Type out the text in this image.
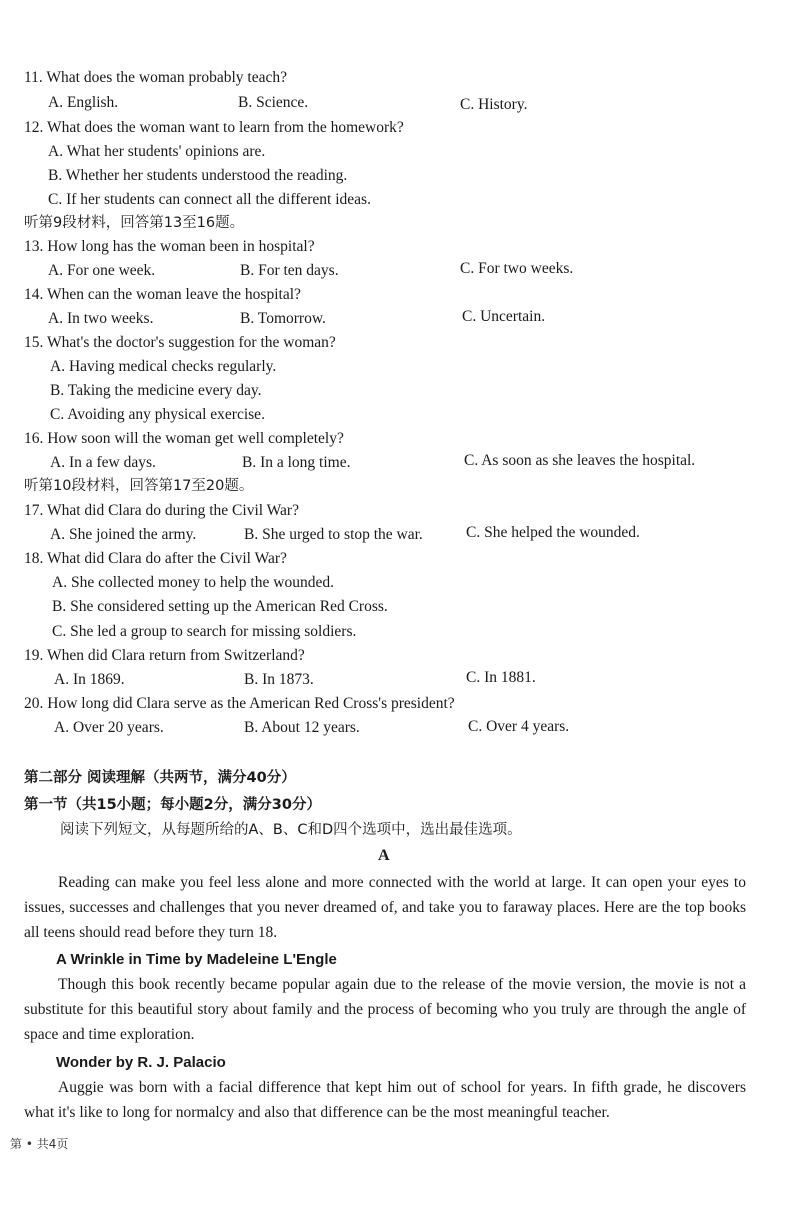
11. What does the woman probably teach?
A. English.	B. Science.	C. History.
12. What does the woman want to learn from the homework?
A. What her students' opinions are.
B. Whether her students understood the reading.
C. If her students can connect all the different ideas.
听第9段材料，回答第13至16题。
13. How long has the woman been in hospital?
A. For one week.	B. For ten days.	C. For two weeks.
14. When can the woman leave the hospital?
A. In two weeks.	B. Tomorrow.	C. Uncertain.
15. What's the doctor's suggestion for the woman?
A. Having medical checks regularly.
B. Taking the medicine every day.
C. Avoiding any physical exercise.
16. How soon will the woman get well completely?
A. In a few days.	B. In a long time.	C. As soon as she leaves the hospital.
听第10段材料，回答第17至20题。
17. What did Clara do during the Civil War?
A. She joined the army.	B. She urged to stop the war.	C. She helped the wounded.
18. What did Clara do after the Civil War?
A. She collected money to help the wounded.
B. She considered setting up the American Red Cross.
C. She led a group to search for missing soldiers.
19. When did Clara return from Switzerland?
A. In 1869.	B. In 1873.	C. In 1881.
20. How long did Clara serve as the American Red Cross's president?
A. Over 20 years.	B. About 12 years.	C. Over 4 years.
第二部分 阅读理解（共两节，满分40分）
第一节（共15小题；每小题2分，满分30分）
阅读下列短文，从每题所给的A、B、C和D四个选项中，选出最佳选项。
A
Reading can make you feel less alone and more connected with the world at large. It can open your eyes to issues, successes and challenges that you never dreamed of, and take you to faraway places. Here are the top books all teens should read before they turn 18.
A Wrinkle in Time by Madeleine L'Engle
Though this book recently became popular again due to the release of the movie version, the movie is not a substitute for this beautiful story about family and the process of becoming who you truly are through the angle of space and time exploration.
Wonder by R. J. Palacio
Auggie was born with a facial difference that kept him out of school for years. In fifth grade, he discovers what it's like to long for normalcy and also that difference can be the most meaningful teacher.
第 • 共4页
